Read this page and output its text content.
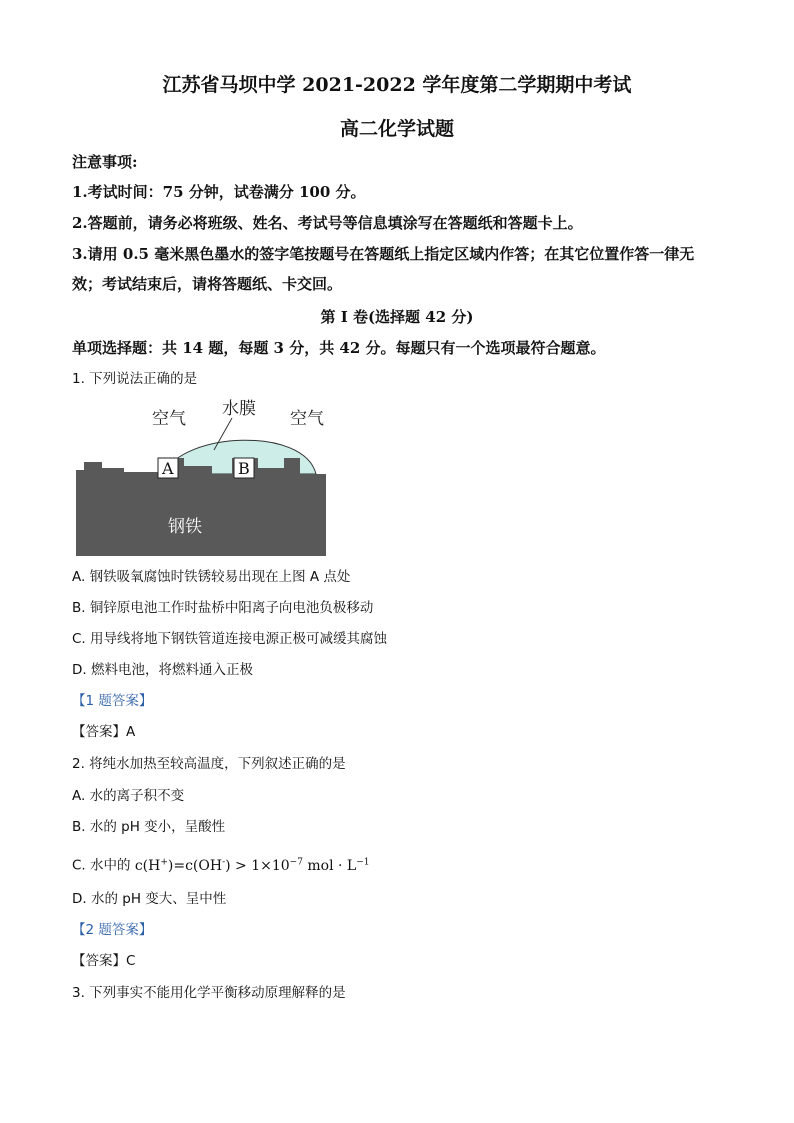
江苏省马坝中学 2021-2022 学年度第二学期期中考试
高二化学试题
注意事项:
1.考试时间：75 分钟，试卷满分 100 分。
2.答题前，请务必将班级、姓名、考试号等信息填涂写在答题纸和答题卡上。
3.请用 0.5 毫米黑色墨水的签字笔按题号在答题纸上指定区域内作答；在其它位置作答一律无
效；考试结束后，请将答题纸、卡交回。
第 I 卷(选择题 42 分)
单项选择题：共 14 题，每题 3 分，共 42 分。每题只有一个选项最符合题意。
1. 下列说法正确的是
空气 水膜 空气
A	B
钢铁
A. 钢铁吸氧腐蚀时铁锈较易出现在上图 A 点处
B. 铜锌原电池工作时盐桥中阳离子向电池负极移动
C. 用导线将地下钢铁管道连接电源正极可减缓其腐蚀
D. 燃料电池，将燃料通入正极
【1 题答案】
【答案】A
2. 将纯水加热至较高温度，下列叙述正确的是
A. 水的离子积不变
B. 水的 pH 变小，呈酸性
C. 水中的 $c(H^+)=c(OH^-) > 1\times 10^{-7}$ mol · $L^{-1}$
D. 水的 pH 变大、呈中性
【2 题答案】
【答案】C
3. 下列事实不能用化学平衡移动原理解释的是
